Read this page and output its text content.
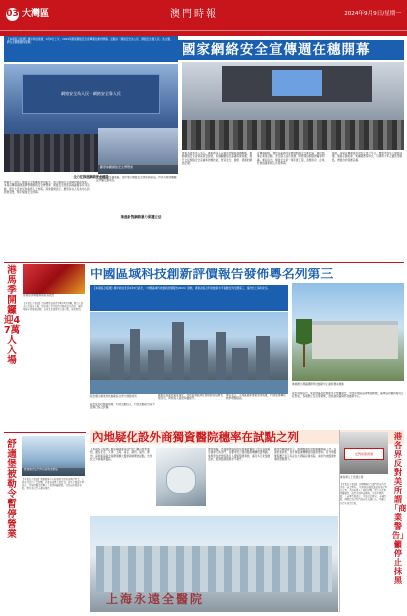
03 大灣區	澳門時報	2024年9月9日/星期一
國家網絡安全宣傳週在穗開幕
【本報綜合報道】據中新社報道，9月8日上午，2024年國家網絡安全宣傳週在廣州開幕。活動以「網絡安全為人民、網絡安全靠人民」為主題，將在全國範圍內展開。
網絡安全為人民 · 網絡安全靠人民
全力任推進網絡安全建設
觀眾參觀網絡安全博覽會
開幕式上發布了網絡安全相關政策和報告，展示網絡安全領域的最新成果。本屆宣傳週期間還將舉辦網絡安全博覽會、網絡安全技術高峰論壇等系列活動，吸引大量市民和業界人士參與。與會嘉賓表示，要堅持以人民為中心的發展思想，築牢網絡安全屏障。
博覽會設置多個展區，集中展示網絡安全技術與產品，市民可親身體驗反詐騙互動項目。
推進針對網絡暴力保護立法
廣東省委負責人表示，廣東將深入貫徹落實網絡強國戰略，推動網絡安全產業高質量發展，加強關鍵信息基礎設施保護，提升全民網絡安全意識和防護技能，營造安全、健康、清朗的網絡空間。
宣傳週期間，廣州各區將同步開展網絡安全進社區、進校園、進企業等活動，普及個人信息保護、防範電信網絡詐騙等知識。專家指出，網絡安全是一項系統工程，需要政府、企業、社會組織和個人共同參與。
據悉，本屆宣傳週還首次設立青少年日，聚焦未成年人網絡保護，通過主題班會、知識競賽等形式，引導青少年正確使用網絡，增強自我保護意識。
港馬季開鑼迎47萬人入場
香港馬季開鑼現場氣氛熱烈
【本報綜合報道】香港賽馬會新馬季9月8日開鑼，吸引大批市民及旅客入場。馬會表示當日總投注額創近年新高，場內舉辦多項慶祝活動，包括文化表演及美食市集，氣氛熱烈。
舒適堡被勒令暫停營業
舒適堡分店門外有消費者聚集
【本報綜合報道】連鎖健身中心舒適堡突然宣布暫停營業，大批會員及員工受影響。消委會接獲大量投訴，涉及金額逾千萬港元。當局呼籲受影響人士保留相關單據，盡快向消委會求助，警方亦已介入調查事件。
中國區域科技創新評價報告發佈粵名列第三
【本報綜合報道】據中新社北京9月8日消息，《中國區域科技創新評價報告2024》發佈，廣東省綜合科技創新水平指數位列全國第三，僅次於上海和北京。
粵港澳大灣區國際科技創新中心建設穩步推進
報告顯示廣東科技創新綜合實力穩居前列
報告從科技創新環境、科技活動投入、科技活動產出等方面進行綜合評價。
廣東在高新技術產業化、科技促進經濟社會發展等指標表現突出，研發投入強度持續提升。
專家表示，大灣區創新要素加速集聚，科技成果轉化效率明顯提高。
報告同時指出，東部地區科技創新水平整體領先，中西部地區追趕勢頭明顯，區域協同創新格局正在形成，各地應立足自身優勢，加快建設區域科技創新中心。
內地疑化設外商獨資醫院穗率在試點之列
【本報綜合報道】國家衛健委等部門近日聯合發布通知，擬在北京、天津、上海、南京、蘇州、福州、廣州、深圳和海南全島開展擴大醫療領域開放試點，允許設立外商獨資醫院。
通知明確，外商獨資醫院的設置審批權限下放至省級衛生健康行政部門，並要求符合當地醫療機構設置規劃。業界認為此舉有助引入優質醫療資源，滿足多元化醫療需求，促進醫療服務水平提升。
廣州市衛健委表示，將積極做好試點相關準備工作，完善配套政策，為外資醫療機構落地提供便利。有外資醫療集團已表示有意在大灣區投資設院，看好內地醫療市場的發展潛力。
上海永遠全醫院
港各界反對美所謂「商業警告」籲停止抹黑
反對抹黑香港
港各界人士表達立場
【本報綜合報道】美國國務院等部門發布所謂香港「商業警告」，特區政府強烈譴責並表示堅決反對。香港各界人士紛紛發聲，指美方此舉罔顧事實、抹黑香港營商環境，干涉中國內政。工商界代表表示，香港法治健全、市場開放，國際投資者對香港前景充滿信心，呼籲美方停止抹黑行為。
